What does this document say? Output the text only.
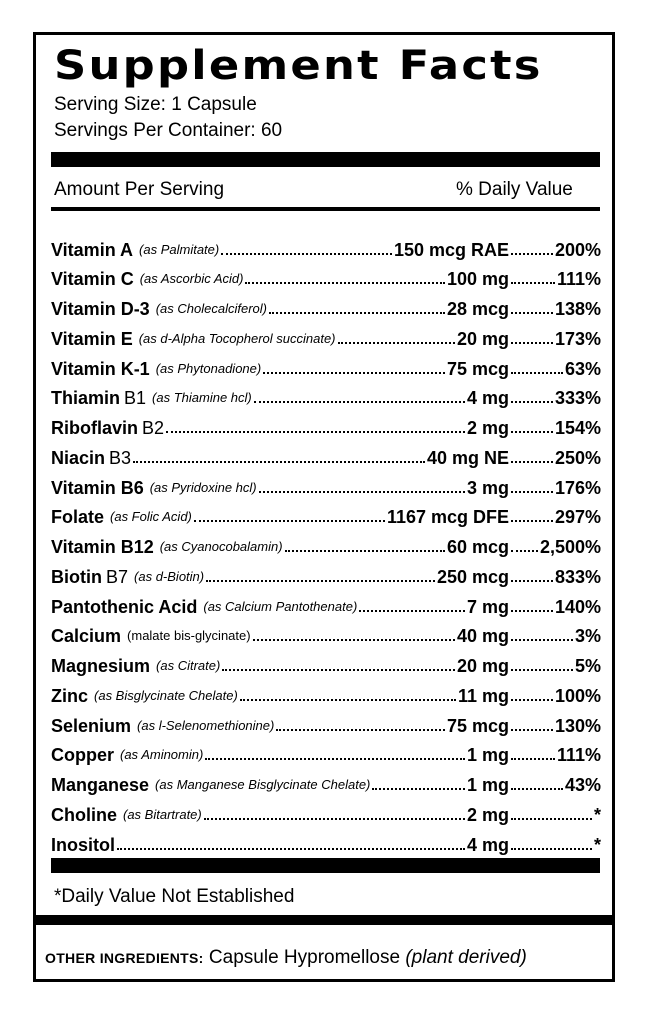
Supplement Facts
Serving Size: 1 Capsule
Servings Per Container: 60
Amount Per Serving	% Daily Value
Vitamin A (as Palmitate)	150 mcg RAE	200%
Vitamin C (as Ascorbic Acid)	100 mg	111%
Vitamin D-3 (as Cholecalciferol)	28 mcg	138%
Vitamin E (as d-Alpha Tocopherol succinate)	20 mg	173%
Vitamin K-1 (as Phytonadione)	75 mcg	63%
Thiamin B1 (as Thiamine hcl)	4 mg	333%
Riboflavin B2	2 mg	154%
Niacin B3	40 mg NE	250%
Vitamin B6 (as Pyridoxine hcl)	3 mg	176%
Folate (as Folic Acid)	1167 mcg DFE	297%
Vitamin B12 (as Cyanocobalamin)	60 mcg 2,500%
Biotin B7 (as d-Biotin)	250 mcg	833%
Pantothenic Acid (as Calcium Pantothenate)	7 mg	140%
Calcium (malate bis-glycinate)	40 mg	3%
Magnesium (as Citrate)	20 mg	5%
Zinc (as Bisglycinate Chelate)	11 mg	100%
Selenium (as l-Selenomethionine)	75 mcg	130%
Copper (as Aminomin)	1 mg	111%
Manganese (as Manganese Bisglycinate Chelate)	1 mg	43%
Choline (as Bitartrate)	2 mg	*
Inositol	4 mg	*
*Daily Value Not Established
OTHER INGREDIENTS: Capsule Hypromellose (plant derived)
